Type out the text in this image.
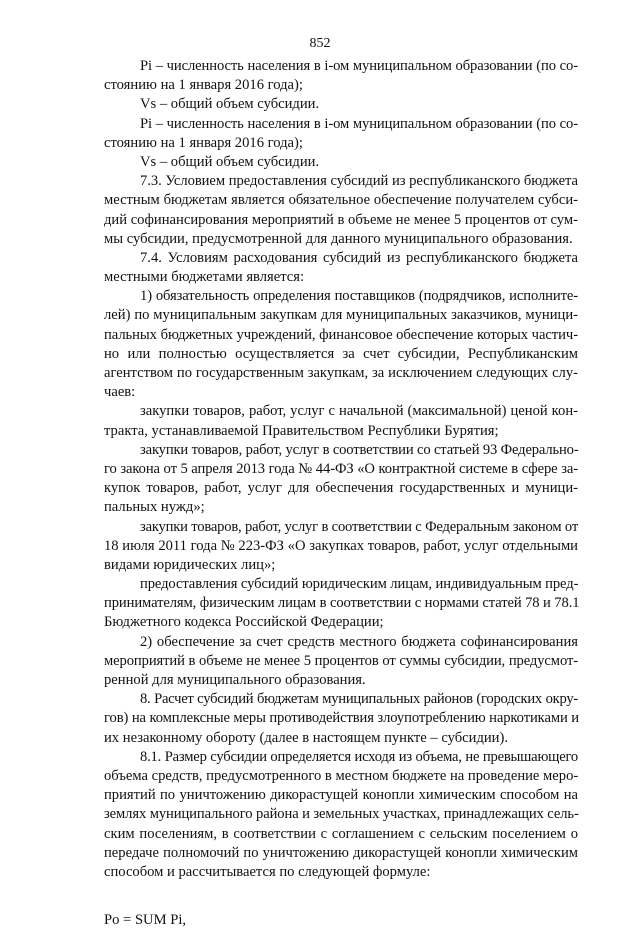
852
Pi – численность населения в i-ом муниципальном образовании (по со-
стоянию на 1 января 2016 года);
Vs – общий объем субсидии.
Pi – численность населения в i-ом муниципальном образовании (по со-
стоянию на 1 января 2016 года);
Vs – общий объем субсидии.
7.3. Условием предоставления субсидий из республиканского бюджета
местным бюджетам является обязательное обеспечение получателем субси-
дий софинансирования мероприятий в объеме не менее 5 процентов от сум-
мы субсидии, предусмотренной для данного муниципального образования.
7.4. Условиям расходования субсидий из республиканского бюджета
местными бюджетами является:
1) обязательность определения поставщиков (подрядчиков, исполните-
лей) по муниципальным закупкам для муниципальных заказчиков, муници-
пальных бюджетных учреждений, финансовое обеспечение которых частич-
но или полностью осуществляется за счет субсидии, Республиканским
агентством по государственным закупкам, за исключением следующих слу-
чаев:
закупки товаров, работ, услуг с начальной (максимальной) ценой кон-
тракта, устанавливаемой Правительством Республики Бурятия;
закупки товаров, работ, услуг в соответствии со статьей 93 Федерально-
го закона от 5 апреля 2013 года № 44-ФЗ «О контрактной системе в сфере за-
купок товаров, работ, услуг для обеспечения государственных и муници-
пальных нужд»;
закупки товаров, работ, услуг в соответствии с Федеральным законом от
18 июля 2011 года № 223-ФЗ «О закупках товаров, работ, услуг отдельными
видами юридических лиц»;
предоставления субсидий юридическим лицам, индивидуальным пред-
принимателям, физическим лицам в соответствии с нормами статей 78 и 78.1
Бюджетного кодекса Российской Федерации;
2) обеспечение за счет средств местного бюджета софинансирования
мероприятий в объеме не менее 5 процентов от суммы субсидии, предусмот-
ренной для муниципального образования.
8. Расчет субсидий бюджетам муниципальных районов (городских окру-
гов) на комплексные меры противодействия злоупотреблению наркотиками и
их незаконному обороту (далее в настоящем пункте – субсидии).
8.1. Размер субсидии определяется исходя из объема, не превышающего
объема средств, предусмотренного в местном бюджете на проведение меро-
приятий по уничтожению дикорастущей конопли химическим способом на
землях муниципального района и земельных участках, принадлежащих сель-
ским поселениям, в соответствии с соглашением с сельским поселением о
передаче полномочий по уничтожению дикорастущей конопли химическим
способом и рассчитывается по следующей формуле:
Po = SUM Pi,
